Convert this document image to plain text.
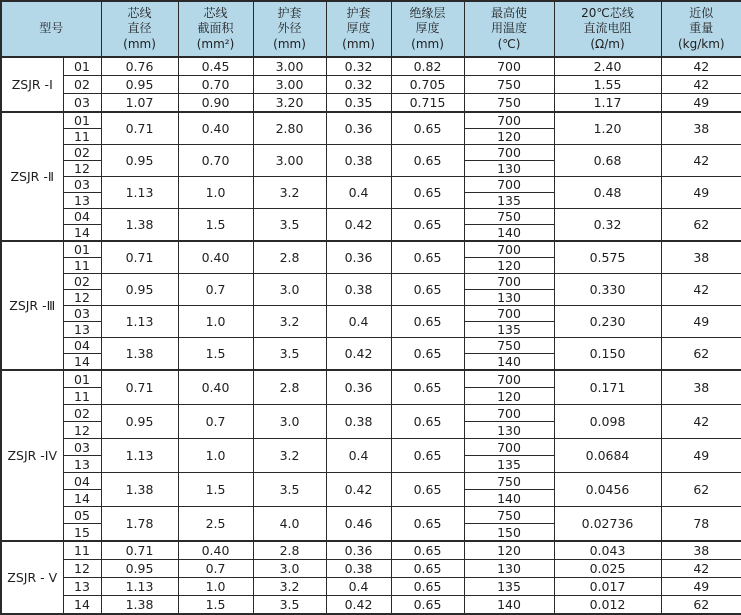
型号

芯线
直径
(mm)

芯线
截面积
(mm²)

护套
外径
(mm)

护套
厚度
(mm)

绝缘层
厚度
(mm)

最高使
用温度
(℃)

20℃芯线
直流电阻
(Ω/m)

近似
重量
(kg/km)

ZSJR -I	01	0.76	0.45	3.00	0.32	0.82	700	2.40	42
	02	0.95	0.70	3.00	0.32	0.705	750	1.55	42
	03	1.07	0.90	3.20	0.35	0.715	750	1.17	49
ZSJR -Ⅱ	01	0.71	0.40	2.80	0.36	0.65	700	1.20	38
	11						120		
	02	0.95	0.70	3.00	0.38	0.65	700	0.68	42
	12						130		
	03	1.13	1.0	3.2	0.4	0.65	700	0.48	49
	13						135		
	04	1.38	1.5	3.5	0.42	0.65	750	0.32	62
	14						140		
ZSJR -Ⅲ	01	0.71	0.40	2.8	0.36	0.65	700	0.575	38
	11						120		
	02	0.95	0.7	3.0	0.38	0.65	700	0.330	42
	12						130		
	03	1.13	1.0	3.2	0.4	0.65	700	0.230	49
	13						135		
	04	1.38	1.5	3.5	0.42	0.65	750	0.150	62
	14						140		
ZSJR -IV	01	0.71	0.40	2.8	0.36	0.65	700	0.171	38
	11						120		
	02	0.95	0.7	3.0	0.38	0.65	700	0.098	42
	12						130		
	03	1.13	1.0	3.2	0.4	0.65	700	0.0684	49
	13						135		
	04	1.38	1.5	3.5	0.42	0.65	750	0.0456	62
	14						140		
	05	1.78	2.5	4.0	0.46	0.65	750	0.02736	78
	15						150		
ZSJR - V	11	0.71	0.40	2.8	0.36	0.65	120	0.043	38
	12	0.95	0.7	3.0	0.38	0.65	130	0.025	42
	13	1.13	1.0	3.2	0.4	0.65	135	0.017	49
	14	1.38	1.5	3.5	0.42	0.65	140	0.012	62
